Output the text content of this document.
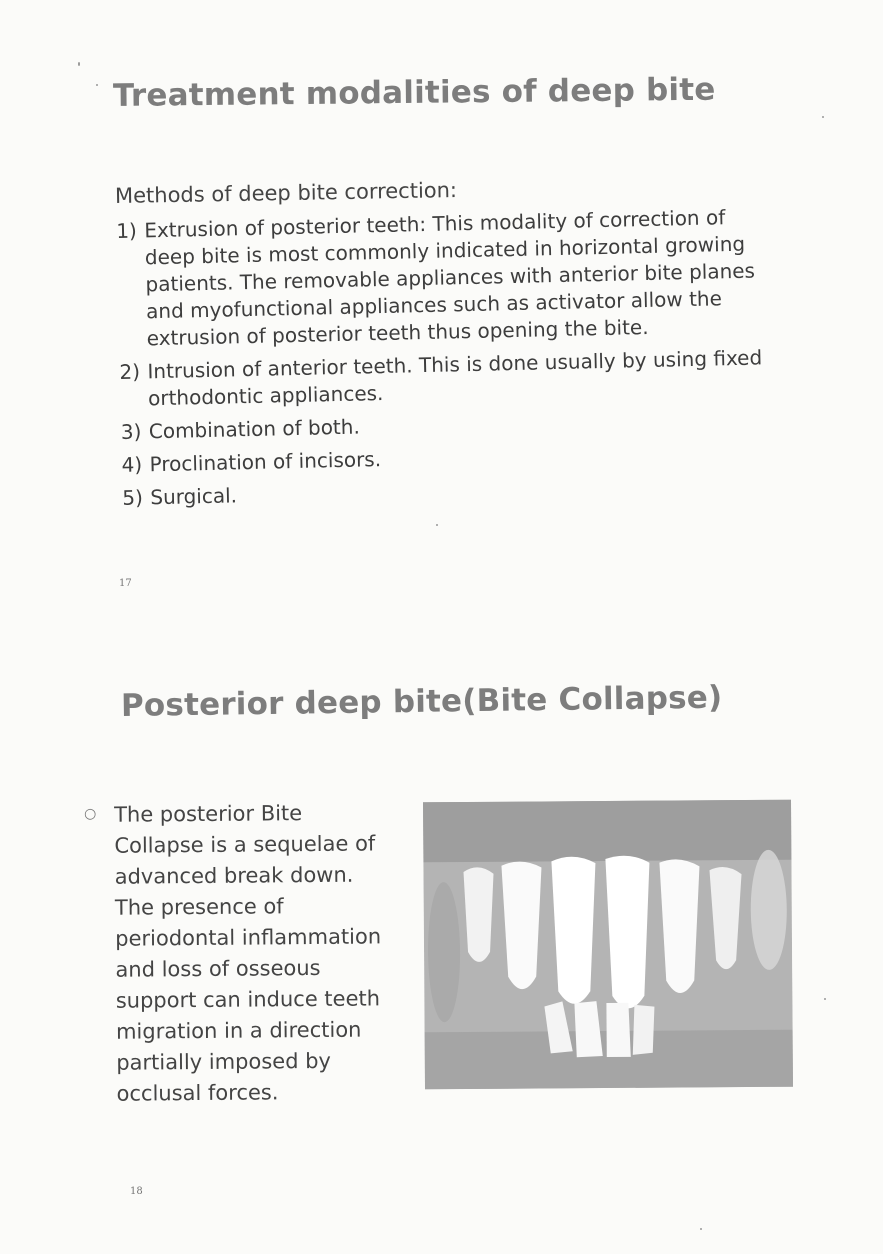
Treatment modalities of deep bite
Methods of deep bite correction:
1) Extrusion of posterior teeth: This modality of correction of deep bite is most commonly indicated in horizontal growing patients. The removable appliances with anterior bite planes and myofunctional appliances such as activator allow the extrusion of posterior teeth thus opening the bite.
2) Intrusion of anterior teeth. This is done usually by using fixed orthodontic appliances.
3) Combination of both.
4) Proclination of incisors.
5) Surgical.
17
Posterior deep bite(Bite Collapse)
○ The posterior Bite Collapse is a sequelae of advanced break down. The presence of periodontal inflammation and loss of osseous support can induce teeth migration in a direction partially imposed by occlusal forces.
18
